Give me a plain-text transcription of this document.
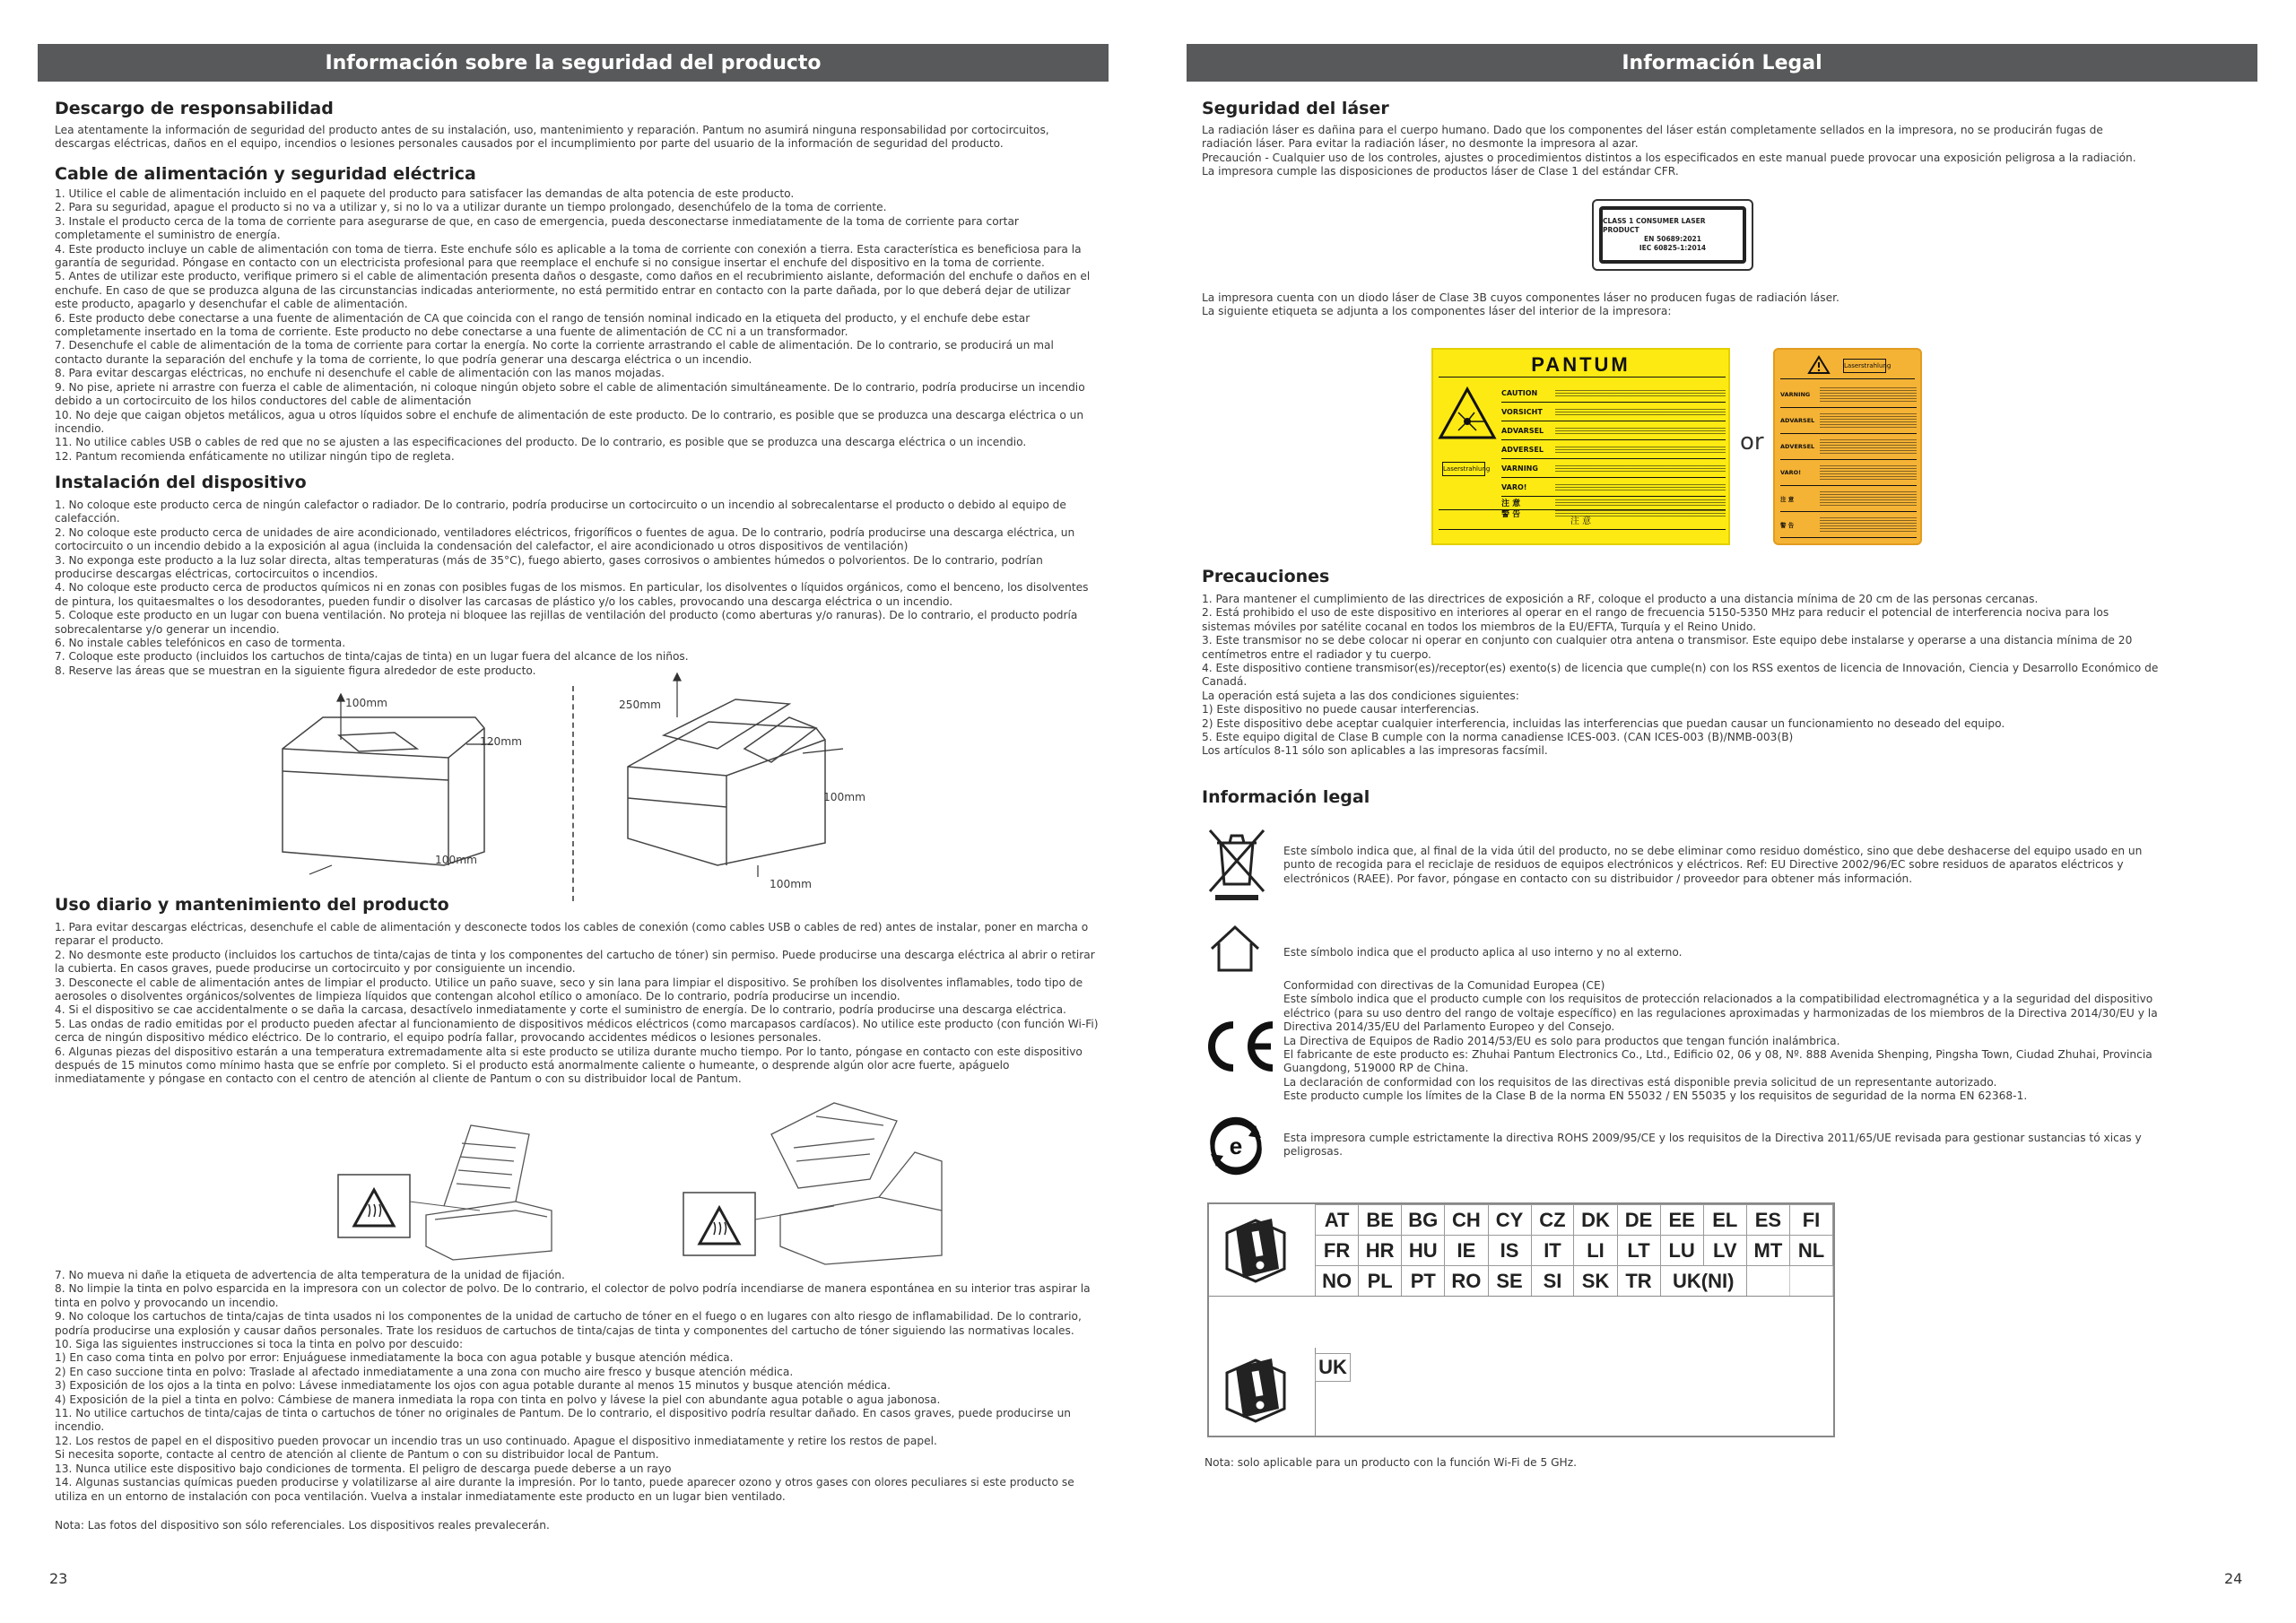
Información sobre la seguridad del producto
Descargo de responsabilidad
Lea atentamente la información de seguridad del producto antes de su instalación, uso, mantenimiento y reparación. Pantum no asumirá ninguna responsabilidad por cortocircuitos,
descargas eléctricas, daños en el equipo, incendios o lesiones personales causados por el incumplimiento por parte del usuario de la información de seguridad del producto.
Cable de alimentación y seguridad eléctrica
1. Utilice el cable de alimentación incluido en el paquete del producto para satisfacer las demandas de alta potencia de este producto.
2. Para su seguridad, apague el producto si no va a utilizar y, si no lo va a utilizar durante un tiempo prolongado, desenchúfelo de la toma de corriente.
3. Instale el producto cerca de la toma de corriente para asegurarse de que, en caso de emergencia, pueda desconectarse inmediatamente de la toma de corriente para cortar
completamente el suministro de energía.
4. Este producto incluye un cable de alimentación con toma de tierra. Este enchufe sólo es aplicable a la toma de corriente con conexión a tierra. Esta característica es beneficiosa para la
garantía de seguridad. Póngase en contacto con un electricista profesional para que reemplace el enchufe si no consigue insertar el enchufe del dispositivo en la toma de corriente.
5. Antes de utilizar este producto, verifique primero si el cable de alimentación presenta daños o desgaste, como daños en el recubrimiento aislante, deformación del enchufe o daños en el
enchufe. En caso de que se produzca alguna de las circunstancias indicadas anteriormente, no está permitido entrar en contacto con la parte dañada, por lo que deberá dejar de utilizar
este producto, apagarlo y desenchufar el cable de alimentación.
6. Este producto debe conectarse a una fuente de alimentación de CA que coincida con el rango de tensión nominal indicado en la etiqueta del producto, y el enchufe debe estar
completamente insertado en la toma de corriente. Este producto no debe conectarse a una fuente de alimentación de CC ni a un transformador.
7. Desenchufe el cable de alimentación de la toma de corriente para cortar la energía. No corte la corriente arrastrando el cable de alimentación. De lo contrario, se producirá un mal
contacto durante la separación del enchufe y la toma de corriente, lo que podría generar una descarga eléctrica o un incendio.
8. Para evitar descargas eléctricas, no enchufe ni desenchufe el cable de alimentación con las manos mojadas.
9. No pise, apriete ni arrastre con fuerza el cable de alimentación, ni coloque ningún objeto sobre el cable de alimentación simultáneamente. De lo contrario, podría producirse un incendio
debido a un cortocircuito de los hilos conductores del cable de alimentación
10. No deje que caigan objetos metálicos, agua u otros líquidos sobre el enchufe de alimentación de este producto. De lo contrario, es posible que se produzca una descarga eléctrica o un
incendio.
11. No utilice cables USB o cables de red que no se ajusten a las especificaciones del producto. De lo contrario, es posible que se produzca una descarga eléctrica o un incendio.
12. Pantum recomienda enfáticamente no utilizar ningún tipo de regleta.
Instalación del dispositivo
1. No coloque este producto cerca de ningún calefactor o radiador. De lo contrario, podría producirse un cortocircuito o un incendio al sobrecalentarse el producto o debido al equipo de
calefacción.
2. No coloque este producto cerca de unidades de aire acondicionado, ventiladores eléctricos, frigoríficos o fuentes de agua. De lo contrario, podría producirse una descarga eléctrica, un
cortocircuito o un incendio debido a la exposición al agua (incluida la condensación del calefactor, el aire acondicionado u otros dispositivos de ventilación)
3. No exponga este producto a la luz solar directa, altas temperaturas (más de 35°C), fuego abierto, gases corrosivos o ambientes húmedos o polvorientos. De lo contrario, podrían
producirse descargas eléctricas, cortocircuitos o incendios.
4. No coloque este producto cerca de productos químicos ni en zonas con posibles fugas de los mismos. En particular, los disolventes o líquidos orgánicos, como el benceno, los disolventes
de pintura, los quitaesmaltes o los desodorantes, pueden fundir o disolver las carcasas de plástico y/o los cables, provocando una descarga eléctrica o un incendio.
5. Coloque este producto en un lugar con buena ventilación. No proteja ni bloquee las rejillas de ventilación del producto (como aberturas y/o ranuras). De lo contrario, el producto podría
sobrecalentarse y/o generar un incendio.
6. No instale cables telefónicos en caso de tormenta.
7. Coloque este producto (incluidos los cartuchos de tinta/cajas de tinta) en un lugar fuera del alcance de los niños.
8. Reserve las áreas que se muestran en la siguiente figura alrededor de este producto.
100mm
120mm
100mm
250mm
100mm
100mm
Uso diario y mantenimiento del producto
1. Para evitar descargas eléctricas, desenchufe el cable de alimentación y desconecte todos los cables de conexión (como cables USB o cables de red) antes de instalar, poner en marcha o
reparar el producto.
2. No desmonte este producto (incluidos los cartuchos de tinta/cajas de tinta y los componentes del cartucho de tóner) sin permiso. Puede producirse una descarga eléctrica al abrir o retirar
la cubierta. En casos graves, puede producirse un cortocircuito y por consiguiente un incendio.
3. Desconecte el cable de alimentación antes de limpiar el producto. Utilice un paño suave, seco y sin lana para limpiar el dispositivo. Se prohíben los disolventes inflamables, todo tipo de
aerosoles o disolventes orgánicos/solventes de limpieza líquidos que contengan alcohol etílico o amoníaco. De lo contrario, podría producirse un incendio.
4. Si el dispositivo se cae accidentalmente o se daña la carcasa, desactívelo inmediatamente y corte el suministro de energía. De lo contrario, podría producirse una descarga eléctrica.
5. Las ondas de radio emitidas por el producto pueden afectar al funcionamiento de dispositivos médicos eléctricos (como marcapasos cardíacos). No utilice este producto (con función Wi-Fi)
cerca de ningún dispositivo médico eléctrico. De lo contrario, el equipo podría fallar, provocando accidentes médicos o lesiones personales.
6. Algunas piezas del dispositivo estarán a una temperatura extremadamente alta si este producto se utiliza durante mucho tiempo. Por lo tanto, póngase en contacto con este dispositivo
después de 15 minutos como mínimo hasta que se enfríe por completo. Si el producto está anormalmente caliente o humeante, o desprende algún olor acre fuerte, apáguelo
inmediatamente y póngase en contacto con el centro de atención al cliente de Pantum o con su distribuidor local de Pantum.
7. No mueva ni dañe la etiqueta de advertencia de alta temperatura de la unidad de fijación.
8. No limpie la tinta en polvo esparcida en la impresora con un colector de polvo. De lo contrario, el colector de polvo podría incendiarse de manera espontánea en su interior tras aspirar la
tinta en polvo y provocando un incendio.
9. No coloque los cartuchos de tinta/cajas de tinta usados ni los componentes de la unidad de cartucho de tóner en el fuego o en lugares con alto riesgo de inflamabilidad. De lo contrario,
podría producirse una explosión y causar daños personales. Trate los residuos de cartuchos de tinta/cajas de tinta y componentes del cartucho de tóner siguiendo las normativas locales.
10. Siga las siguientes instrucciones si toca la tinta en polvo por descuido:
1) En caso coma tinta en polvo por error: Enjuáguese inmediatamente la boca con agua potable y busque atención médica.
2) En caso succione tinta en polvo: Traslade al afectado inmediatamente a una zona con mucho aire fresco y busque atención médica.
3) Exposición de los ojos a la tinta en polvo: Lávese inmediatamente los ojos con agua potable durante al menos 15 minutos y busque atención médica.
4) Exposición de la piel a tinta en polvo: Cámbiese de manera inmediata la ropa con tinta en polvo y lávese la piel con abundante agua potable o agua jabonosa.
11. No utilice cartuchos de tinta/cajas de tinta o cartuchos de tóner no originales de Pantum. De lo contrario, el dispositivo podría resultar dañado. En casos graves, puede producirse un
incendio.
12. Los restos de papel en el dispositivo pueden provocar un incendio tras un uso continuado. Apague el dispositivo inmediatamente y retire los restos de papel.
Si necesita soporte, contacte al centro de atención al cliente de Pantum o con su distribuidor local de Pantum.
13. Nunca utilice este dispositivo bajo condiciones de tormenta. El peligro de descarga puede deberse a un rayo
14. Algunas sustancias químicas pueden producirse y volatilizarse al aire durante la impresión. Por lo tanto, puede aparecer ozono y otros gases con olores peculiares si este producto se
utiliza en un entorno de instalación con poca ventilación. Vuelva a instalar inmediatamente este producto en un lugar bien ventilado.
Nota: Las fotos del dispositivo son sólo referenciales. Los dispositivos reales prevalecerán.
23
Información Legal
Seguridad del láser
La radiación láser es dañina para el cuerpo humano. Dado que los componentes del láser están completamente sellados en la impresora, no se producirán fugas de
radiación láser. Para evitar la radiación láser, no desmonte la impresora al azar.
Precaución - Cualquier uso de los controles, ajustes o procedimientos distintos a los especificados en este manual puede provocar una exposición peligrosa a la radiación.
La impresora cumple las disposiciones de productos láser de Clase 1 del estándar CFR.
CLASS 1 CONSUMER LASER PRODUCT
EN 50689:2021
IEC 60825-1:2014
La impresora cuenta con un diodo láser de Clase 3B cuyos componentes láser no producen fugas de radiación láser.
La siguiente etiqueta se adjunta a los componentes láser del interior de la impresora:
PANTUM
Laserstrahlung
CAUTION
VORSICHT
ADVARSEL
ADVERSEL
VARNING
VARO!
注 意
警 告
注 意
or
Laserstrahlung
VARNING
ADVARSEL
ADVERSEL
VARO!
注 意
警 告
Precauciones
1. Para mantener el cumplimiento de las directrices de exposición a RF, coloque el producto a una distancia mínima de 20 cm de las personas cercanas.
2. Está prohibido el uso de este dispositivo en interiores al operar en el rango de frecuencia 5150-5350 MHz para reducir el potencial de interferencia nociva para los
sistemas móviles por satélite cocanal en todos los miembros de la EU/EFTA, Turquía y el Reino Unido.
3. Este transmisor no se debe colocar ni operar en conjunto con cualquier otra antena o transmisor. Este equipo debe instalarse y operarse a una distancia mínima de 20
centímetros entre el radiador y tu cuerpo.
4. Este dispositivo contiene transmisor(es)/receptor(es) exento(s) de licencia que cumple(n) con los RSS exentos de licencia de Innovación, Ciencia y Desarrollo Económico de
Canadá.
La operación está sujeta a las dos condiciones siguientes:
1) Este dispositivo no puede causar interferencias.
2) Este dispositivo debe aceptar cualquier interferencia, incluidas las interferencias que puedan causar un funcionamiento no deseado del equipo.
5. Este equipo digital de Clase B cumple con la norma canadiense ICES-003. (CAN ICES-003 (B)/NMB-003(B)
Los artículos 8-11 sólo son aplicables a las impresoras facsímil.
Información legal
Este símbolo indica que, al final de la vida útil del producto, no se debe eliminar como residuo doméstico, sino que debe deshacerse del equipo usado en un
punto de recogida para el reciclaje de residuos de equipos electrónicos y eléctricos. Ref: EU Directive 2002/96/EC sobre residuos de aparatos eléctricos y
electrónicos (RAEE). Por favor, póngase en contacto con su distribuidor / proveedor para obtener más información.
Este símbolo indica que el producto aplica al uso interno y no al externo.
Conformidad con directivas de la Comunidad Europea (CE)
Este símbolo indica que el producto cumple con los requisitos de protección relacionados a la compatibilidad electromagnética y a la seguridad del dispositivo
eléctrico (para su uso dentro del rango de voltaje específico) en las regulaciones aproximadas y harmonizadas de los miembros de la Directiva 2014/30/EU y la
Directiva 2014/35/EU del Parlamento Europeo y del Consejo.
La Directiva de Equipos de Radio 2014/53/EU es solo para productos que tengan función inalámbrica.
El fabricante de este producto es: Zhuhai Pantum Electronics Co., Ltd., Edificio 02, 06 y 08, Nº. 888 Avenida Shenping, Pingsha Town, Ciudad Zhuhai, Provincia
Guangdong, 519000 RP de China.
La declaración de conformidad con los requisitos de las directivas está disponible previa solicitud de un representante autorizado.
Este producto cumple los límites de la Clase B de la norma EN 55032 / EN 55035 y los requisitos de seguridad de la norma EN 62368-1.
e	Esta impresora cumple estrictamente la directiva ROHS 2009/95/CE y los requisitos de la Directiva 2011/65/UE revisada para gestionar sustancias tó xicas y
peligrosas.
AT	BE	BG	CH	CY	CZ	DK	DE	EE	EL	ES	FI
FR	HR	HU	IE	IS	IT	LI	LT	LU	LV	MT	NL
NO	PL	PT	RO	SE	SI	SK	TR	UK(NI)			
UK
Nota: solo aplicable para un producto con la función Wi-Fi de 5 GHz.
24
